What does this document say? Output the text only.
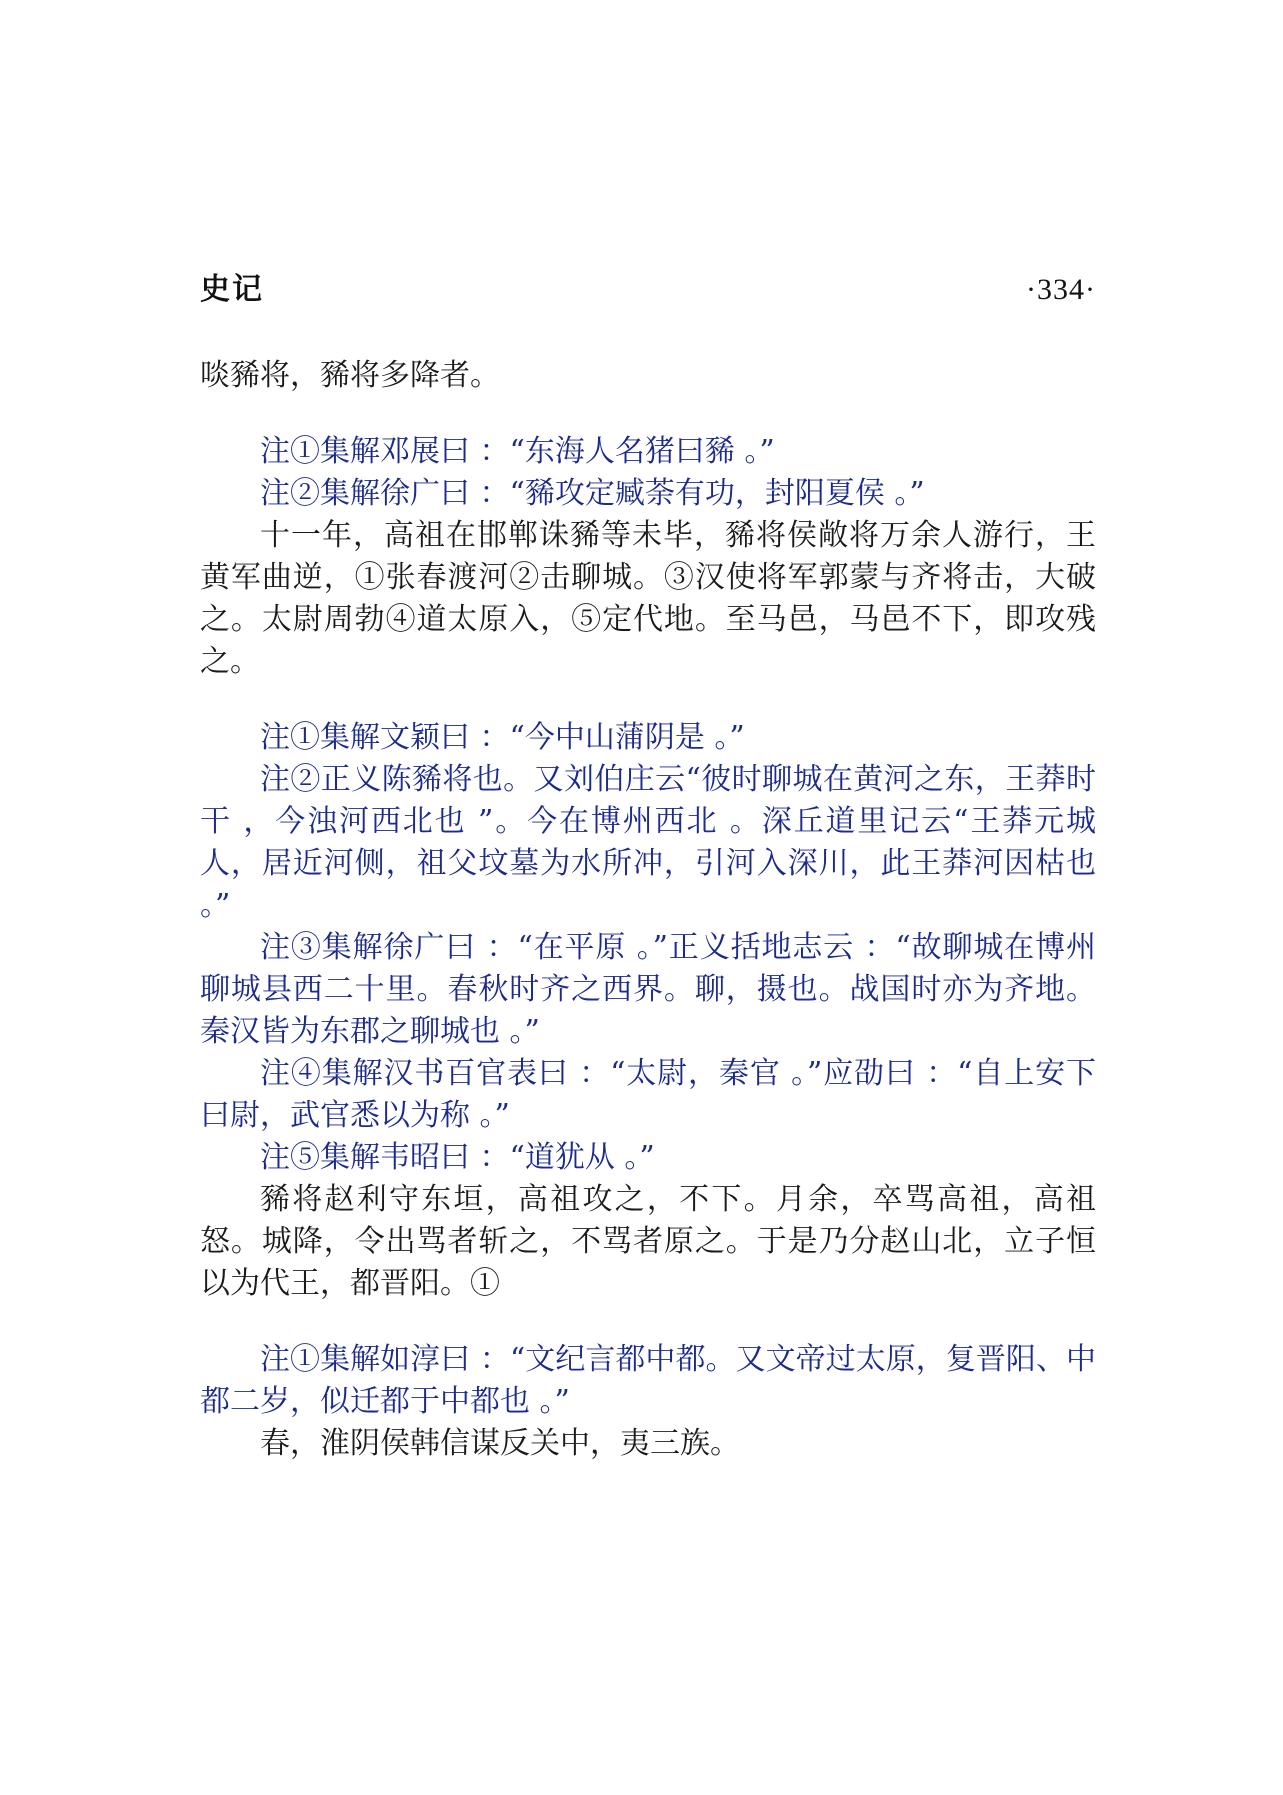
史记	·334·

啖豨将，豨将多降者。

注①集解邓展曰 ：“东海人名猪曰豨 。”

注②集解徐广曰 ：“豨攻定臧荼有功，封阳夏侯 。”

十一年，高祖在邯郸诛豨等未毕，豨将侯敞将万余人游行，王黄军曲逆，①张春渡河②击聊城。③汉使将军郭蒙与齐将击，大破之。太尉周勃④道太原入，⑤定代地。至马邑，马邑不下，即攻残之。

注①集解文颖曰 ：“今中山蒲阴是 。”

注②正义陈豨将也。又刘伯庄云“彼时聊城在黄河之东，王莽时干 ，今浊河西北也 ”。今在博州西北 。深丘道里记云“王莽元城人，居近河侧，祖父坟墓为水所冲，引河入深川，此王莽河因枯也 。”

注③集解徐广曰 ：“在平原 。”正义括地志云 ：“故聊城在博州聊城县西二十里。春秋时齐之西界。聊，摄也。战国时亦为齐地。秦汉皆为东郡之聊城也 。”

注④集解汉书百官表曰 ：“太尉，秦官 。”应劭曰 ：“自上安下曰尉，武官悉以为称 。”

注⑤集解韦昭曰 ：“道犹从 。”

豨将赵利守东垣，高祖攻之，不下。月余，卒骂高祖，高祖怒。城降，令出骂者斩之，不骂者原之。于是乃分赵山北，立子恒以为代王，都晋阳。①

注①集解如淳曰 ：“文纪言都中都。又文帝过太原，复晋阳、中都二岁，似迁都于中都也 。”

春，淮阴侯韩信谋反关中，夷三族。
